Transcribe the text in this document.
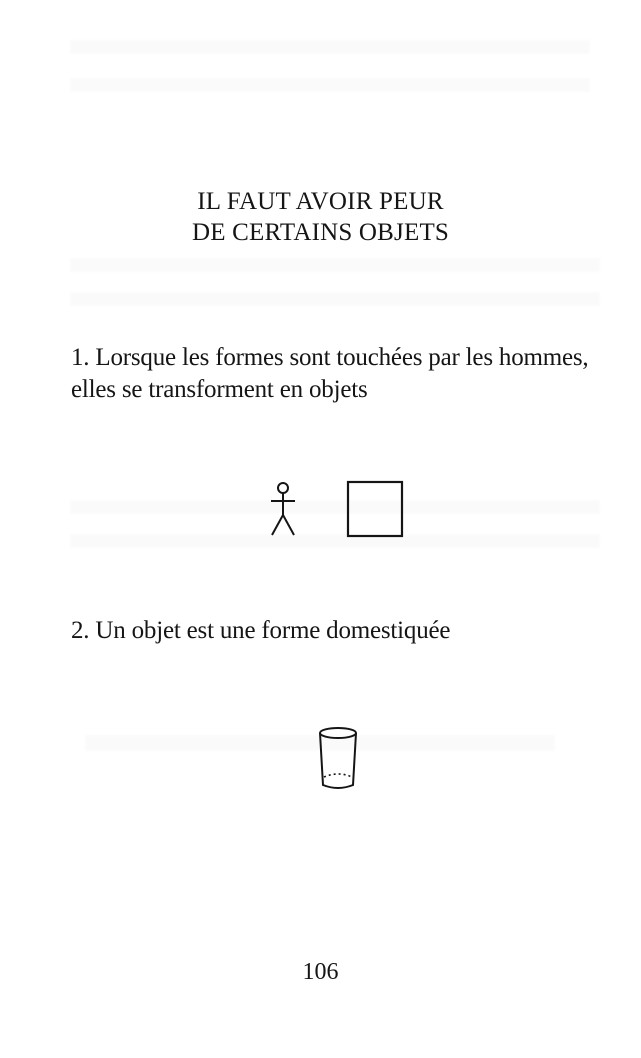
IL FAUT AVOIR PEUR
DE CERTAINS OBJETS
1. Lorsque les formes sont touchées par les hommes,
elles se transforment en objets
2. Un objet est une forme domestiquée
106
